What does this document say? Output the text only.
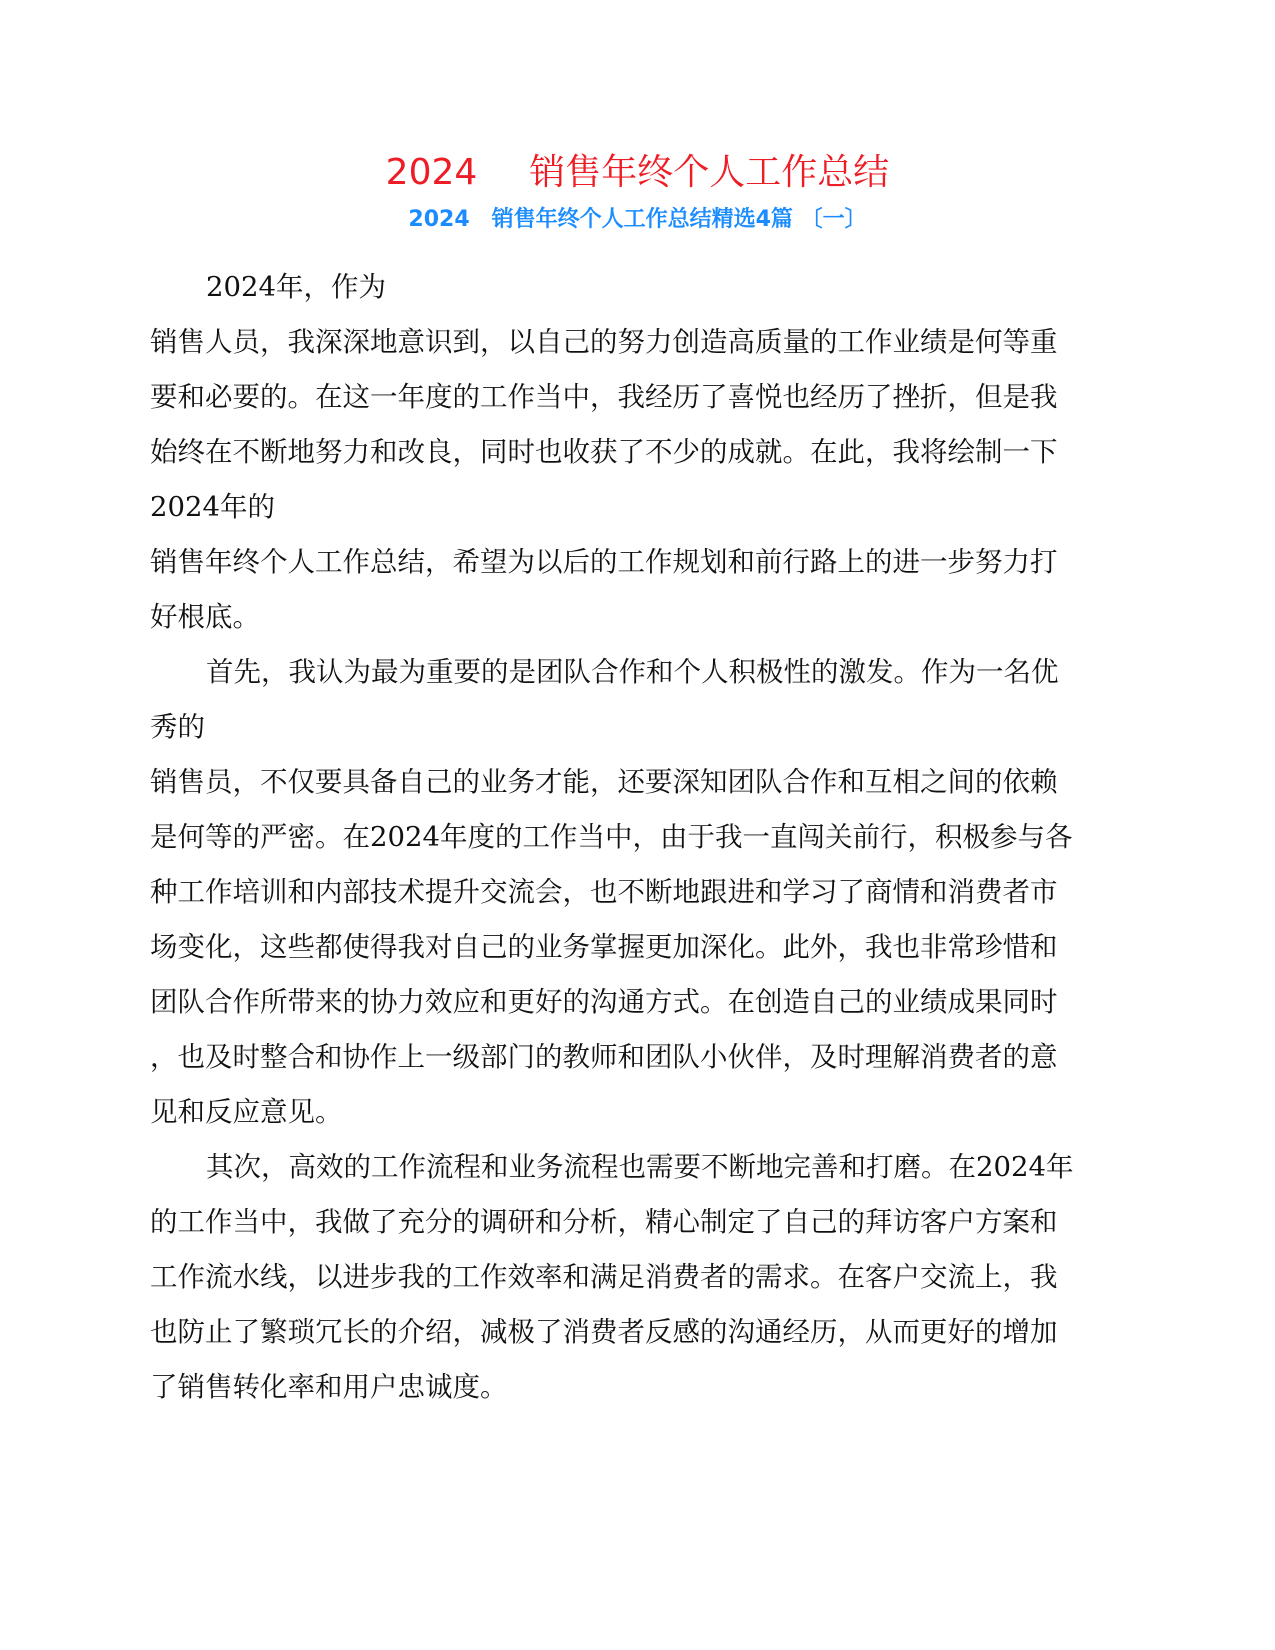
2024 销售年终个人工作总结
2024 销售年终个人工作总结精选4篇 〔一〕
2024年，作为
销售人员，我深深地意识到，以自己的努力创造高质量的工作业绩是何等重
要和必要的。在这一年度的工作当中，我经历了喜悦也经历了挫折，但是我
始终在不断地努力和改良，同时也收获了不少的成就。在此，我将绘制一下
2024年的
销售年终个人工作总结，希望为以后的工作规划和前行路上的进一步努力打
好根底。
首先，我认为最为重要的是团队合作和个人积极性的激发。作为一名优
秀的
销售员，不仅要具备自己的业务才能，还要深知团队合作和互相之间的依赖
是何等的严密。在2024年度的工作当中，由于我一直闯关前行，积极参与各
种工作培训和内部技术提升交流会，也不断地跟进和学习了商情和消费者市
场变化，这些都使得我对自己的业务掌握更加深化。此外，我也非常珍惜和
团队合作所带来的协力效应和更好的沟通方式。在创造自己的业绩成果同时
，也及时整合和协作上一级部门的教师和团队小伙伴，及时理解消费者的意
见和反应意见。
其次，高效的工作流程和业务流程也需要不断地完善和打磨。在2024年
的工作当中，我做了充分的调研和分析，精心制定了自己的拜访客户方案和
工作流水线，以进步我的工作效率和满足消费者的需求。在客户交流上，我
也防止了繁琐冗长的介绍，减极了消费者反感的沟通经历，从而更好的增加
了销售转化率和用户忠诚度。
